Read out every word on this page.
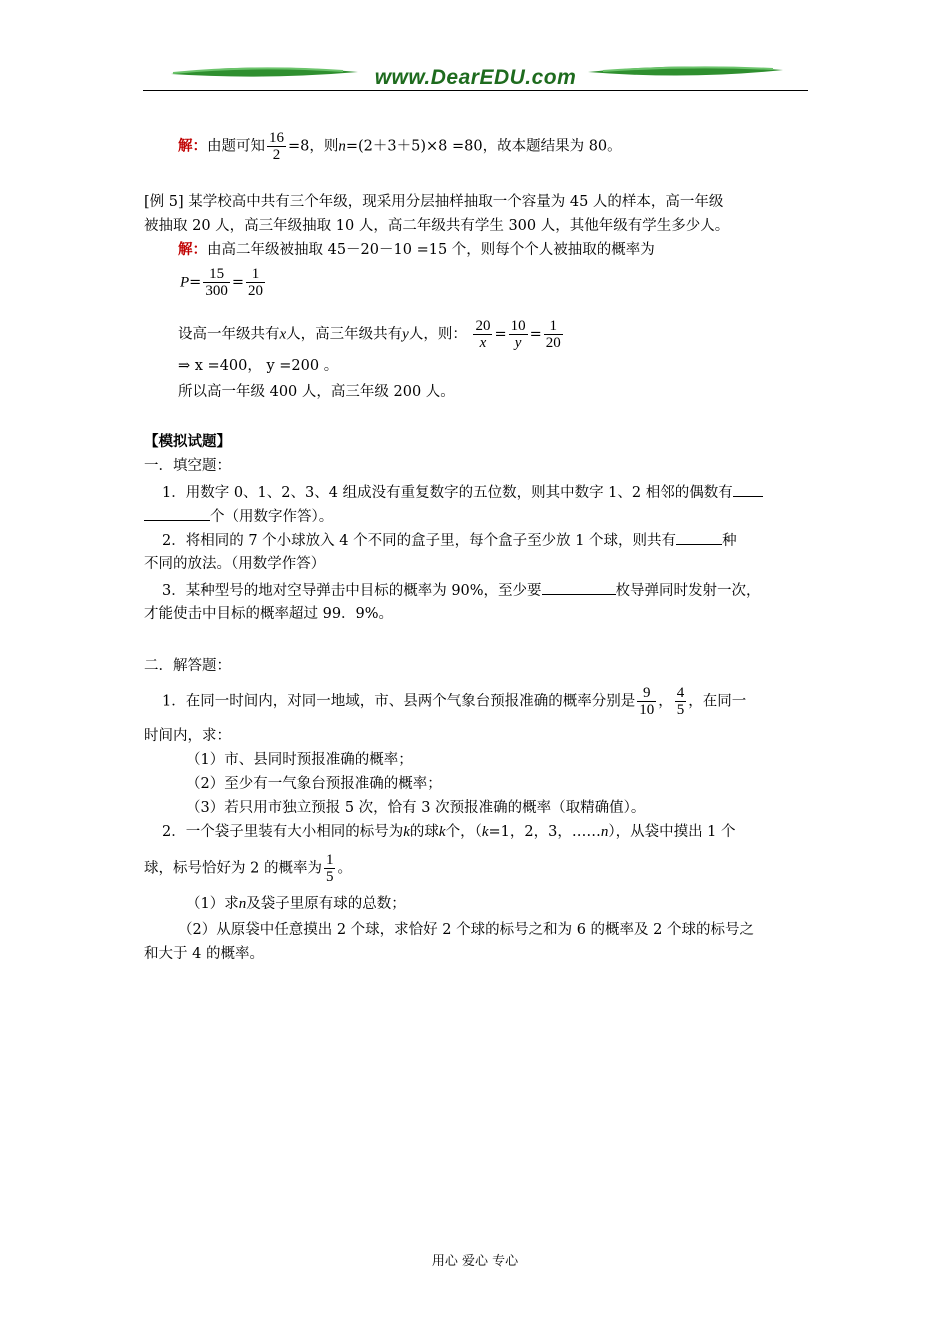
www.DearEDU.com
解：由题可知 $\frac{16}{2} =8$，则n=(2＋3＋5)×8 =80，故本题结果为 80。
[例 5] 某学校高中共有三个年级，现采用分层抽样抽取一个容量为 45 人的样本，高一年级
被抽取 20 人，高三年级抽取 10 人，高二年级共有学生 300 人，其他年级有学生多少人。
解：由高二年级被抽取 45－20－10 =15 个，则每个个人被抽取的概率为
$P= \frac{15}{300} = \frac{1}{20}$
设高一年级共有x人，高三年级共有y人，则： $\frac{20}{x} = \frac{10}{y} = \frac{1}{20}$
⇒ x =400， y =200 。
所以高一年级 400 人，高三年级 200 人。
【模拟试题】
一．填空题：
1．用数字 0、1、2、3、4 组成没有重复数字的五位数，则其中数字 1、2 相邻的偶数有
个（用数字作答）。
2．将相同的 7 个小球放入 4 个不同的盒子里，每个盒子至少放 1 个球，则共有	种
不同的放法。（用数学作答）
3．某种型号的地对空导弹击中目标的概率为 90%，至少要	枚导弹同时发射一次，
才能使击中目标的概率超过 99．9%。
二．解答题：
1．在同一时间内，对同一地域，市、县两个气象台预报准确的概率分别是 $\frac{9}{10}$ ， $\frac{4}{5}$ ，在同一
时间内，求：
（1）市、县同时预报准确的概率；
（2）至少有一气象台预报准确的概率；
（3）若只用市独立预报 5 次，恰有 3 次预报准确的概率（取精确值）。
2．一个袋子里装有大小相同的标号为k的球k个，（k=1，2，3，……n），从袋中摸出 1 个
球，标号恰好为 2 的概率为 $\frac{1}{5}$ 。
（1）求n及袋子里原有球的总数；
（2）从原袋中任意摸出 2 个球，求恰好 2 个球的标号之和为 6 的概率及 2 个球的标号之
和大于 4 的概率。
用心 爱心 专心
